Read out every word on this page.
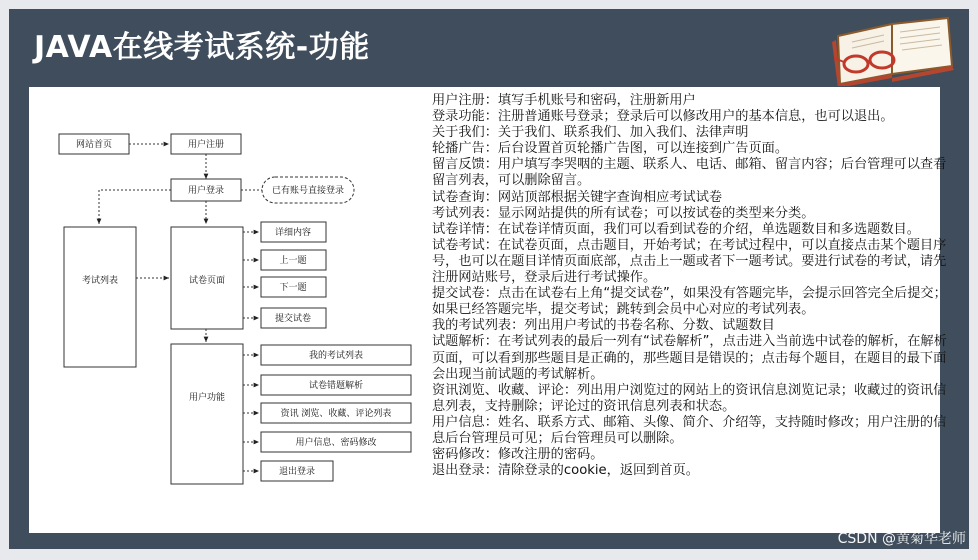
JAVA在线考试系统-功能
网站首页	用户注册
用户登录	已有账号直接登录
考试列表	试卷页面
详细内容
上一题
下一题
提交试卷
用户功能
我的考试列表
试卷错题解析
资讯 浏览、收藏、评论列表
用户信息、密码修改
退出登录

用户注册：填写手机账号和密码，注册新用户

登录功能：注册普通账号登录；登录后可以修改用户的基本信息，也可以退出。

关于我们：关于我们、联系我们、加入我们、法律声明

轮播广告：后台设置首页轮播广告图，可以连接到广告页面。

留言反馈：用户填写李哭咽的主题、联系人、电话、邮箱、留言内容；后台管理可以查看留言列表，可以删除留言。

试卷查询：网站顶部根据关键字查询相应考试试卷

考试列表：显示网站提供的所有试卷；可以按试卷的类型来分类。

试卷详情：在试卷详情页面，我们可以看到试卷的介绍，单选题数目和多选题数目。

试卷考试：在试卷页面，点击题目，开始考试；在考试过程中，可以直接点击某个题目序号，也可以在题目详情页面底部，点击上一题或者下一题考试。要进行试卷的考试，请先注册网站账号，登录后进行考试操作。

提交试卷：点击在试卷右上角“提交试卷”，如果没有答题完毕，会提示回答完全后提交；如果已经答题完毕，提交考试；跳转到会员中心对应的考试列表。

我的考试列表：列出用户考试的书卷名称、分数、试题数目

试题解析：在考试列表的最后一列有“试卷解析”，点击进入当前选中试卷的解析，在解析页面，可以看到那些题目是正确的，那些题目是错误的；点击每个题目，在题目的最下面会出现当前试题的考试解析。

资讯浏览、收藏、评论：列出用户浏览过的网站上的资讯信息浏览记录；收藏过的资讯信息列表，支持删除；评论过的资讯信息列表和状态。

用户信息：姓名、联系方式、邮箱、头像、简介、介绍等，支持随时修改；用户注册的信息后台管理员可见；后台管理员可以删除。

密码修改：修改注册的密码。

退出登录：清除登录的cookie，返回到首页。

CSDN @黄菊华老师
